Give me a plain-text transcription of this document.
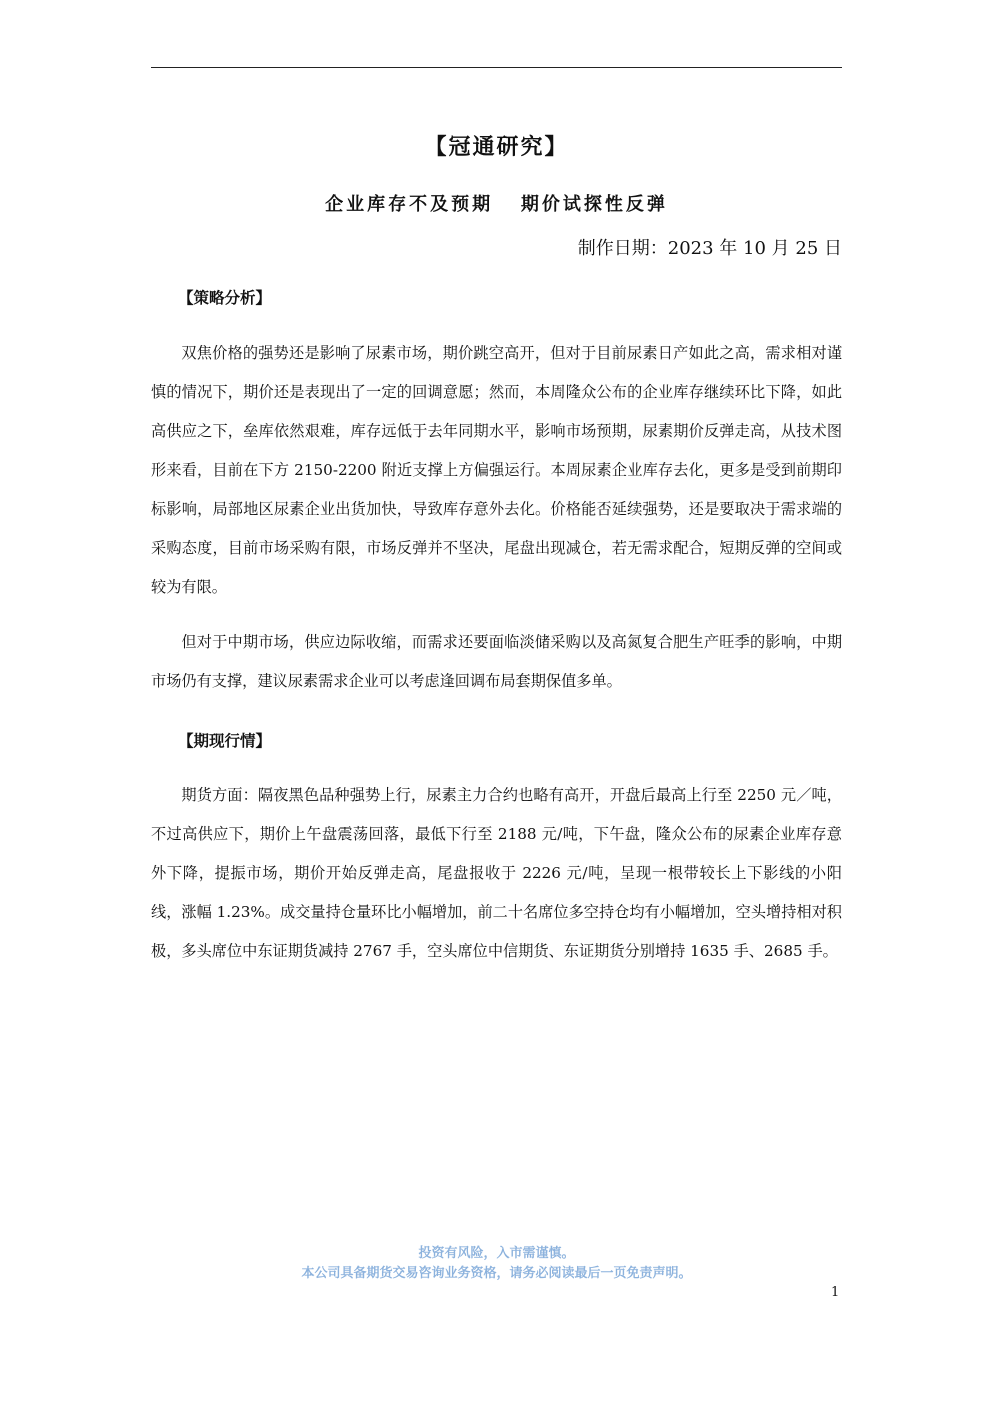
【冠通研究】
企业库存不及预期   期价试探性反弹
制作日期：2023 年 10 月 25 日
【策略分析】

双焦价格的强势还是影响了尿素市场，期价跳空高开，但对于目前尿素日产如此之高，需求相对谨慎的情况下，期价还是表现出了一定的回调意愿；然而，本周隆众公布的企业库存继续环比下降，如此高供应之下，垒库依然艰难，库存远低于去年同期水平，影响市场预期，尿素期价反弹走高，从技术图形来看，目前在下方 2150-2200 附近支撑上方偏强运行。本周尿素企业库存去化，更多是受到前期印标影响，局部地区尿素企业出货加快，导致库存意外去化。价格能否延续强势，还是要取决于需求端的采购态度，目前市场采购有限，市场反弹并不坚决，尾盘出现减仓，若无需求配合，短期反弹的空间或较为有限。

但对于中期市场，供应边际收缩，而需求还要面临淡储采购以及高氮复合肥生产旺季的影响，中期市场仍有支撑，建议尿素需求企业可以考虑逢回调布局套期保值多单。

【期现行情】

期货方面：隔夜黑色品种强势上行，尿素主力合约也略有高开，开盘后最高上行至 2250 元／吨，不过高供应下，期价上午盘震荡回落，最低下行至 2188 元/吨，下午盘，隆众公布的尿素企业库存意外下降，提振市场，期价开始反弹走高，尾盘报收于 2226 元/吨，呈现一根带较长上下影线的小阳线，涨幅 1.23%。成交量持仓量环比小幅增加，前二十名席位多空持仓均有小幅增加，空头增持相对积极，多头席位中东证期货减持 2767 手，空头席位中信期货、东证期货分别增持 1635 手、2685 手。

投资有风险，入市需谨慎。
本公司具备期货交易咨询业务资格，请务必阅读最后一页免责声明。
1
